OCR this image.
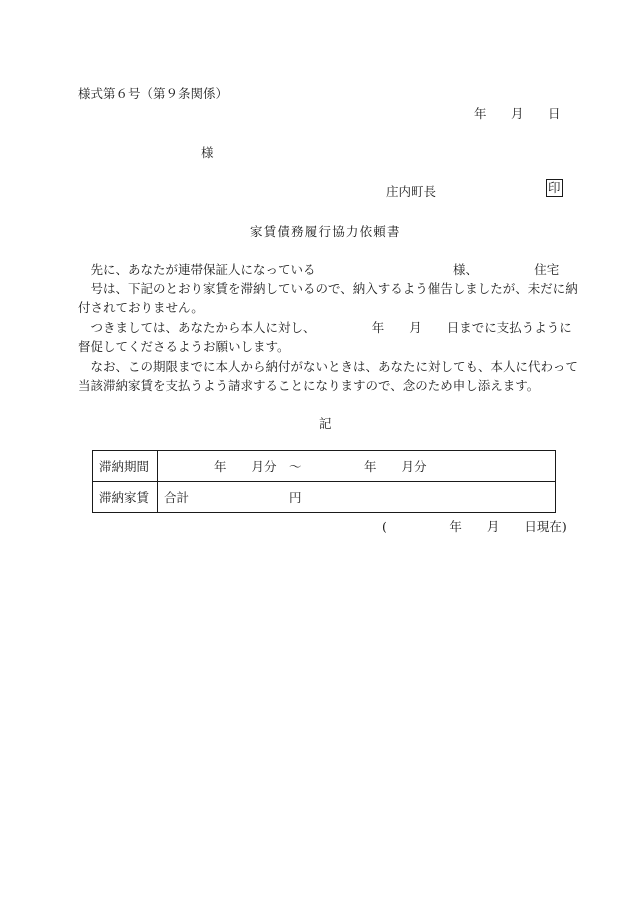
様式第６号（第９条関係）
年 月 日
様
庄内町長	印
家賃債務履行協力依頼書
　先に、あなたが連帯保証人になっている　　　　　　　　　　　様、　　　　　住宅
　号は、下記のとおり家賃を滞納しているので、納入するよう催告しましたが、未だに納
付されておりません。
　つきましては、あなたから本人に対し、　　　　　年　　月　　日までに支払うように
督促してくださるようお願いします。
　なお、この期限までに本人から納付がないときは、あなたに対しても、本人に代わって
当該滞納家賃を支払うよう請求することになりますので、念のため申し添えます。
記
滞納期間	　　　　年　　月分　～　　　　　年　　月分
滞納家賃	合計　　　　　　　　円
(　　　　　年　　月　　日現在)
